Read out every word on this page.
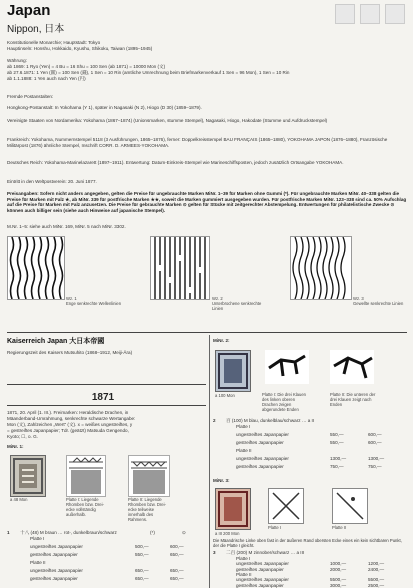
Japan
Nippon, 日本
Konstitutionelle Monarchie; Hauptstadt: Tokyo
Hauptinseln: Honshu, Hokkaido, Kyushu, Shikoku, Taiwan (1895–1945)
Währung:
ab 1869: 1 Ryo (Yen) = 4 Bu = 16 Shu = 100 Sen (ab 1871) = 10000 Mon (文)
ab 27.6.1871: 1 Yen (圓) = 100 Sen (錢), 1 Sen = 10 Rin (amtliche Umrechnung beim Briefmarkenverkauf 1 Sen = 96 Mon), 1 Sen = 10 Rin
ab 1.1.1888: 1 Yen auch nach Yen (円)
Fremde Postanstalten:
Hongkong-Postanstalt: In Yokohama (Y 1), später in Nagasaki (N 2), Hiogo (D 30) (1859–1879).
Vereinigte Staaten von Nordamerika: Yokohama (1867–1874) (Unionsmarken, stumme Stempel), Nagasaki, Hiogo, Hakodate (Stumme und Aufdruckstempel)
Frankreich: Yokohama, Nummernstempel 5118 (3 Ausführungen, 1865–1876), ferner: Doppelkreisstempel BAU FRANÇAIS (1865–1880), YOKOHAMA JAPON (1876–1880), Französische Militärpost (1876) ähnliche Stempel, Inschrift CORR. D. ARMEES-YOKOHAMA.
Deutsches Reich: Yokohama-Marinelazarett (1897–1911). Entwertung: Datum-Einkreis-Stempel wie Marineschiffsposten, jedoch zusätzlich Ortsangabe YOKOHAMA.
Eintritt in den Weltpostverein: 20. Juni 1877.
Preisangaben: Sofern nicht anders angegeben, gelten die Preise für ungebrauchte Marken MiNr. 1–39 für Marken ohne Gummi (*). Für ungebrauchte Marken MiNr. 40–338 gelten die Preise für Marken mit Falz ★, ab MiNr. 339 für postfrische Marken ★★, soweit die Marken gummiert ausgegeben wurden. Für postfrische Marken MiNr. 123–338 sind ca. 50% Aufschlag auf die Preise für Marken mit Falz anzusetzen. Die Preise für gebrauchte Marken ⊙ gelten für Stücke mit zeitgerechter Abstempelung. Entwertungen für philatelistische Zwecke ⊙ können auch billiger sein (siehe auch Hinweise auf japanische Stempel).
M.Nr. 1–5: siehe auch MiNr. 169, MiNr. 5 nach MiNr. 3302.
Wz. 1
Enge senkrechte Wellenlinien
Wz. 2
Unterbrochene senkrechte Linien
Wz. 3
Gewellte senkrechte Linien
Kaiserreich Japan 大日本帝國
Regierungszeit des Kaisers Mutsuhito (1868–1912, Meiji-Ära)
1871
1871, 20. April (1. III.). Freimarken: Heraldische Drachen, in
Mäanderband-Umrahmung, senkrechte schwarze Wertangabe:
Mon (文), Zahlzeichen „Wert“ (文). x = weißes ungestreiftes, y
= gestreiftes Japanpapier; Tdr. (geätzt) Matsuda Gengendo,
Kyoto; ☐, o. G.
MiNr. 1:
a 48 Mon	Platte I: Liegende
Rhomben bzw. Drei-
ecke vollständig
außerhalb.
Platte II: Liegende
Rhomben bzw. Drei-
ecke teilweise
innerhalb des
Rahmens.
1 十八 (48) M braun … rot-, dunkelbraun/schwarz	(*)	⊙
Platte I
ungestreiftes Japanpapier	500,—	600,—
gestreiftes Japanpapier	550,—	650,—
Platte II
ungestreiftes Japanpapier	650,—	650,—
gestreiftes Japanpapier	650,—	650,—
MiNr. 2:
a 100 Mon	Platte I: Die drei Klauen
des linken oberen
Drachen zeigen
abgerundete Enden
Platte II: Die unteren der
drei Klauen zeigt nach
Enden
2 百 (100) M blau, dunkelblau/schwarz … a II
Platte I
ungestreiftes Japanpapier	550,—	600,—
gestreiftes Japanpapier	550,—	600,—
Platte II
ungestreiftes Japanpapier	1300,—	1300,—
gestreiftes Japanpapier	750,—	750,—
MiNr. 3:
a III 200 Mon
Platte I	Platte II
Die Mäandrische Linke oben fast in der äußeren Rand obersten Ecke eines ein kein sichtbaren Punkt, der die Platte I gleicht.
3 二百 (200) M zinnober/schwarz … a III
Platte I
ungestreiftes Japanpapier	1000,—	1200,—
gestreiftes Japanpapier	2000,—	2400,—
Platte II
ungestreiftes Japanpapier	5500,—	5500,—
gestreiftes Japanpapier	3000,—	2500,—
